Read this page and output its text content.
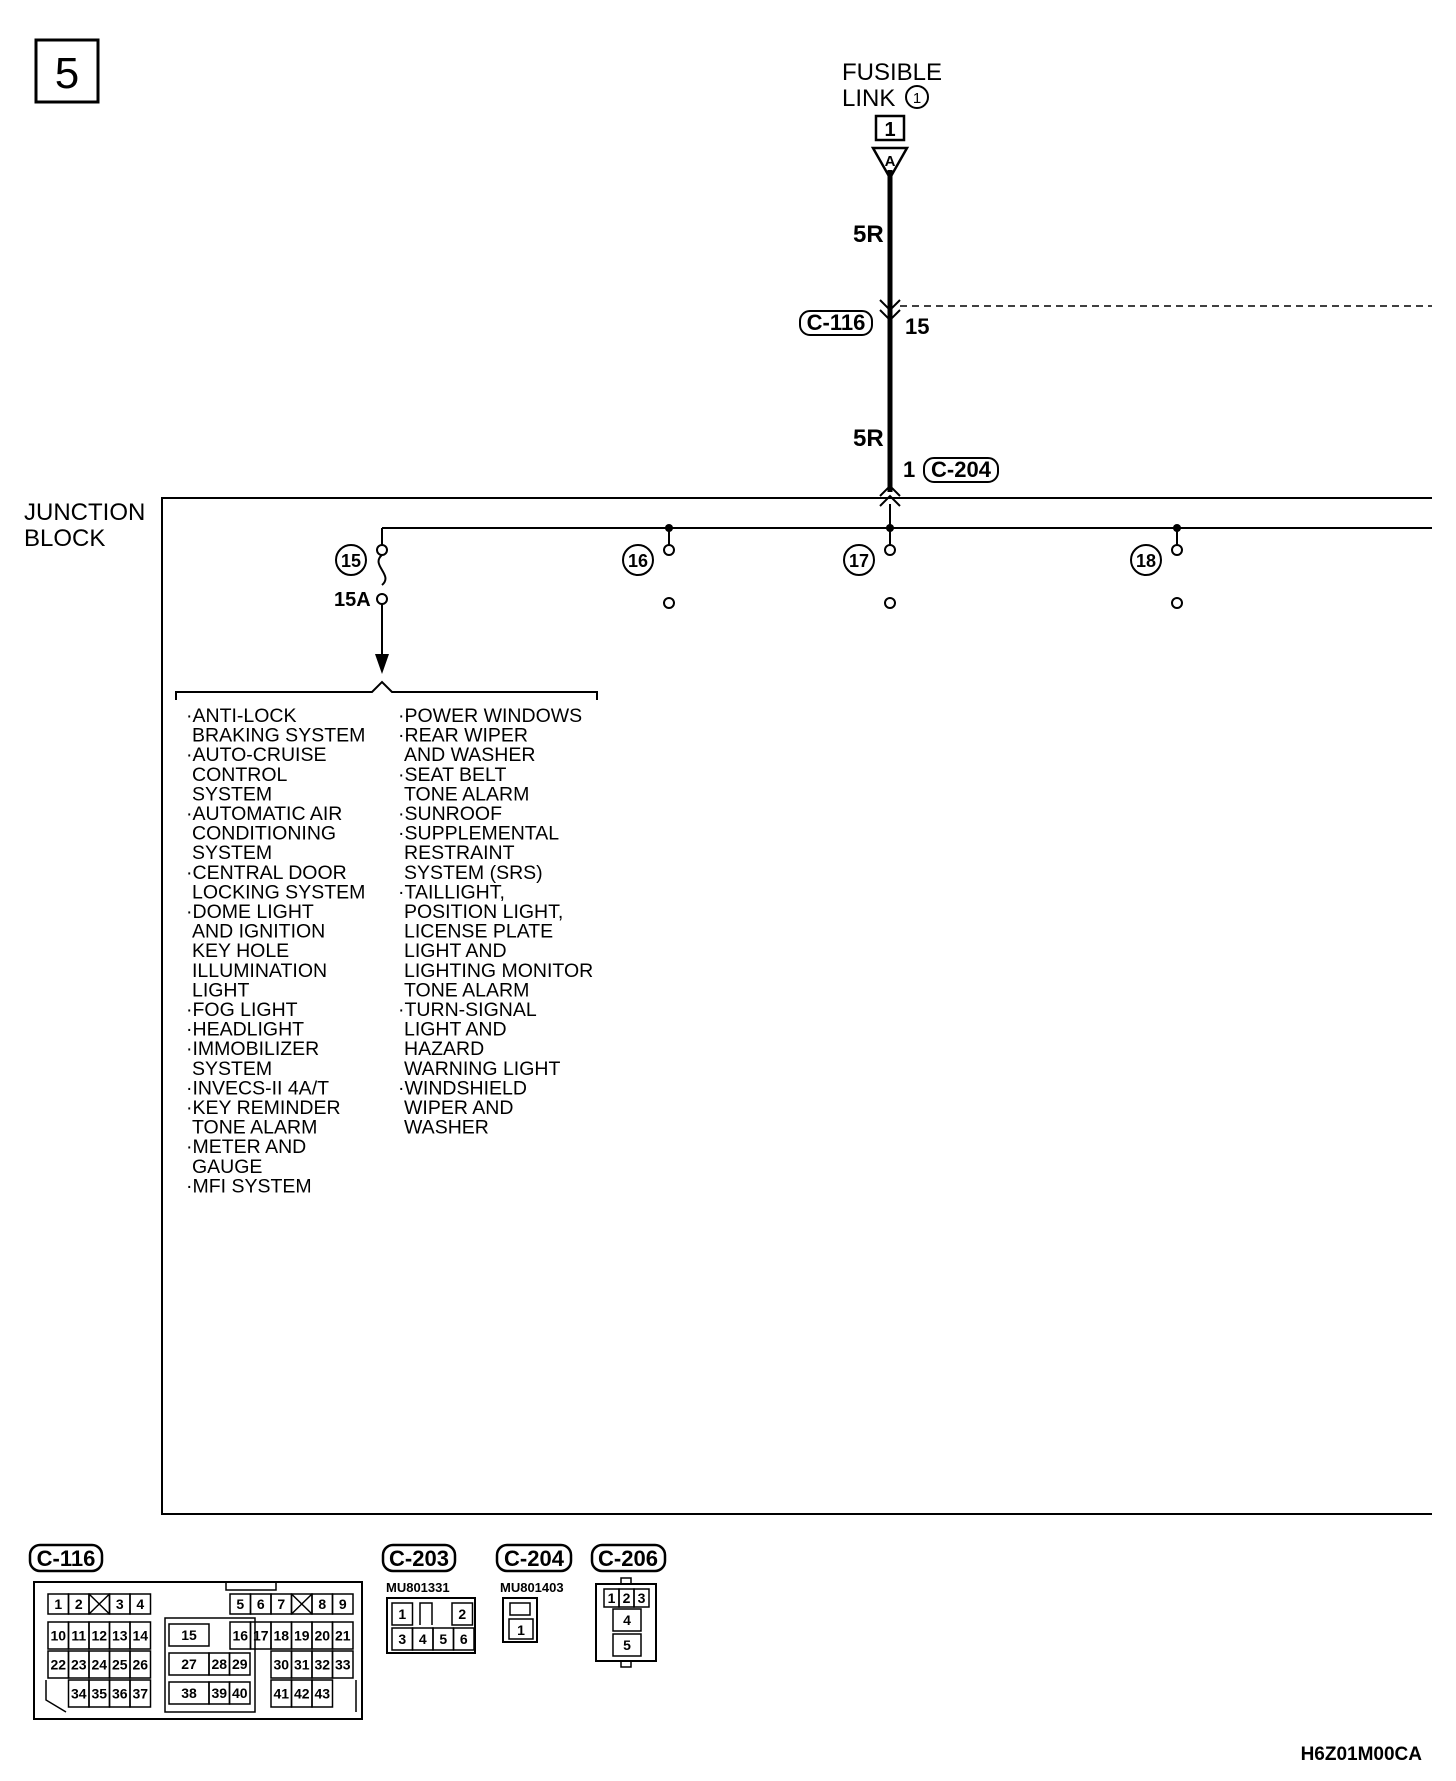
5	FUSIBLE
LINK 1
1
A
5R
5R
C-116 15
1 C-204
JUNCTION
BLOCK
15
15A
16	17	18
·ANTI-LOCK BRAKING SYSTEM ·AUTO-CRUISE CONTROL SYSTEM ·AUTOMATIC AIR CONDITIONING SYSTEM ·CENTRAL DOOR LOCKING SYSTEM ·DOME LIGHT AND IGNITION KEY HOLE ILLUMINATION LIGHT ·FOG LIGHT ·HEADLIGHT ·IMMOBILIZER SYSTEM ·INVECS-II 4A/T ·KEY REMINDER TONE ALARM ·METER AND GAUGE ·MFI SYSTEM
·POWER WINDOWS ·REAR WIPER AND WASHER ·SEAT BELT TONE ALARM ·SUNROOF ·SUPPLEMENTAL RESTRAINT SYSTEM (SRS) ·TAILLIGHT, POSITION LIGHT, LICENSE PLATE LIGHT AND LIGHTING MONITOR TONE ALARM ·TURN-SIGNAL LIGHT AND HAZARD WARNING LIGHT ·WINDSHIELD WIPER AND WASHER
C-116
1 2 3 4	5 6 7 8 9
10 11 12 13 14 15	16 17 18 19 20 21
22 23 24 25 26 27 28 29 30 31 32 33
34 35 36 37 38 39 40 41 42 43
C-203
MU801331
1	2
3 4 5 6
C-204
MU801403
1
C-206
1 2 3
4
5
H6Z01M00CA
